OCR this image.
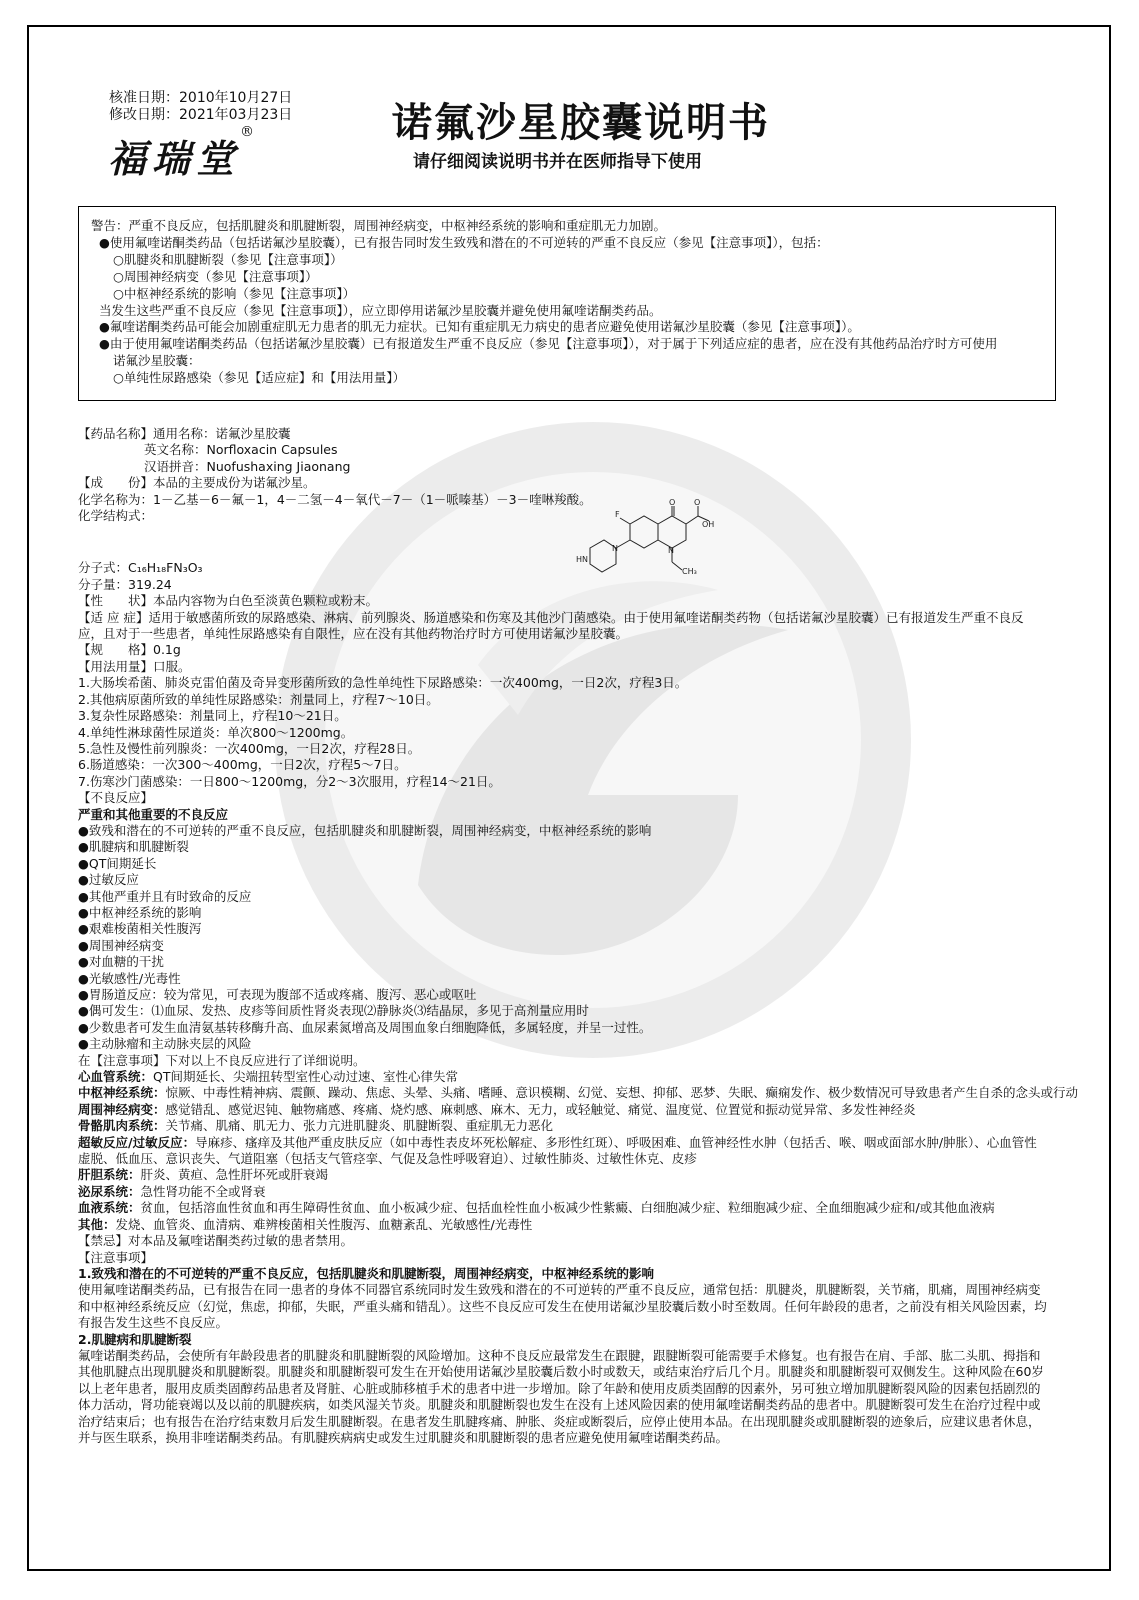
核准日期：2010年10月27日
修改日期：2021年03月23日
福瑞堂®	诺氟沙星胶囊说明书
请仔细阅读说明书并在医师指导下使用
警告：严重不良反应，包括肌腱炎和肌腱断裂，周围神经病变，中枢神经系统的影响和重症肌无力加剧。
●使用氟喹诺酮类药品（包括诺氟沙星胶囊），已有报告同时发生致残和潜在的不可逆转的严重不良反应（参见【注意事项】），包括：
○肌腱炎和肌腱断裂（参见【注意事项】）
○周围神经病变（参见【注意事项】）
○中枢神经系统的影响（参见【注意事项】）
当发生这些严重不良反应（参见【注意事项】），应立即停用诺氟沙星胶囊并避免使用氟喹诺酮类药品。
●氟喹诺酮类药品可能会加剧重症肌无力患者的肌无力症状。已知有重症肌无力病史的患者应避免使用诺氟沙星胶囊（参见【注意事项】）。
●由于使用氟喹诺酮类药品（包括诺氟沙星胶囊）已有报道发生严重不良反应（参见【注意事项】），对于属于下列适应症的患者，应在没有其他药品治疗时方可使用
诺氟沙星胶囊：
○单纯性尿路感染（参见【适应症】和【用法用量】）
F
O O
OH
N
CH₃
N
HN
【药品名称】通用名称：诺氟沙星胶囊
英文名称：Norfloxacin Capsules
汉语拼音：Nuofushaxing Jiaonang
【成　　份】本品的主要成份为诺氟沙星。
化学名称为：1－乙基－6－氟－1，4－二氢－4－氧代－7－（1－哌嗪基）－3－喹啉羧酸。
化学结构式：
分子式：C₁₆H₁₈FN₃O₃
分子量：319.24
【性　　状】本品内容物为白色至淡黄色颗粒或粉末。
【适 应 症】适用于敏感菌所致的尿路感染、淋病、前列腺炎、肠道感染和伤寒及其他沙门菌感染。由于使用氟喹诺酮类药物（包括诺氟沙星胶囊）已有报道发生严重不良反应，且对于一些患者，单纯性尿路感染有自限性，应在没有其他药物治疗时方可使用诺氟沙星胶囊。
【规　　格】0.1g
【用法用量】口服。
1.大肠埃希菌、肺炎克雷伯菌及奇异变形菌所致的急性单纯性下尿路感染：一次400mg，一日2次，疗程3日。
2.其他病原菌所致的单纯性尿路感染：剂量同上，疗程7～10日。
3.复杂性尿路感染：剂量同上，疗程10～21日。
4.单纯性淋球菌性尿道炎：单次800～1200mg。
5.急性及慢性前列腺炎：一次400mg，一日2次，疗程28日。
6.肠道感染：一次300～400mg，一日2次，疗程5～7日。
7.伤寒沙门菌感染：一日800～1200mg，分2～3次服用，疗程14～21日。
【不良反应】
严重和其他重要的不良反应
●致残和潜在的不可逆转的严重不良反应，包括肌腱炎和肌腱断裂，周围神经病变，中枢神经系统的影响
●肌腱病和肌腱断裂
●QT间期延长
●过敏反应
●其他严重并且有时致命的反应
●中枢神经系统的影响
●艰难梭菌相关性腹泻
●周围神经病变
●对血糖的干扰
●光敏感性/光毒性
●胃肠道反应：较为常见，可表现为腹部不适或疼痛、腹泻、恶心或呕吐
●偶可发生：⑴血尿、发热、皮疹等间质性肾炎表现⑵静脉炎⑶结晶尿，多见于高剂量应用时
●少数患者可发生血清氨基转移酶升高、血尿素氮增高及周围血象白细胞降低，多属轻度，并呈一过性。
●主动脉瘤和主动脉夹层的风险
在【注意事项】下对以上不良反应进行了详细说明。
心血管系统：QT间期延长、尖端扭转型室性心动过速、室性心律失常
中枢神经系统：惊厥、中毒性精神病、震颤、躁动、焦虑、头晕、头痛、嗜睡、意识模糊、幻觉、妄想、抑郁、恶梦、失眠、癫痫发作、极少数情况可导致患者产生自杀的念头或行动
周围神经病变：感觉错乱、感觉迟钝、触物痛感、疼痛、烧灼感、麻刺感、麻木、无力，或轻触觉、痛觉、温度觉、位置觉和振动觉异常、多发性神经炎
骨骼肌肉系统：关节痛、肌痛、肌无力、张力亢进肌腱炎、肌腱断裂、重症肌无力恶化
超敏反应/过敏反应：导麻疹、瘙痒及其他严重皮肤反应（如中毒性表皮坏死松解症、多形性红斑）、呼吸困难、血管神经性水肿（包括舌、喉、咽或面部水肿/肿胀）、心血管性虚脱、低血压、意识丧失、气道阻塞（包括支气管痉挛、气促及急性呼吸窘迫）、过敏性肺炎、过敏性休克、皮疹
肝胆系统：肝炎、黄疸、急性肝坏死或肝衰竭
泌尿系统：急性肾功能不全或肾衰
血液系统：贫血，包括溶血性贫血和再生障碍性贫血、血小板减少症、包括血栓性血小板减少性紫癜、白细胞减少症、粒细胞减少症、全血细胞减少症和/或其他血液病
其他：发烧、血管炎、血清病、难辨梭菌相关性腹泻、血糖紊乱、光敏感性/光毒性
【禁忌】对本品及氟喹诺酮类药过敏的患者禁用。
【注意事项】
1.致残和潜在的不可逆转的严重不良反应，包括肌腱炎和肌腱断裂，周围神经病变，中枢神经系统的影响
使用氟喹诺酮类药品，已有报告在同一患者的身体不同器官系统同时发生致残和潜在的不可逆转的严重不良反应，通常包括：肌腱炎，肌腱断裂，关节痛，肌痛，周围神经病变和中枢神经系统反应（幻觉，焦虑，抑郁，失眠，严重头痛和错乱）。这些不良反应可发生在使用诺氟沙星胶囊后数小时至数周。任何年龄段的患者，之前没有相关风险因素，均有报告发生这些不良反应。
2.肌腱病和肌腱断裂
氟喹诺酮类药品，会使所有年龄段患者的肌腱炎和肌腱断裂的风险增加。这种不良反应最常发生在跟腱，跟腱断裂可能需要手术修复。也有报告在肩、手部、肱二头肌、拇指和其他肌腱点出现肌腱炎和肌腱断裂。肌腱炎和肌腱断裂可发生在开始使用诺氟沙星胶囊后数小时或数天，或结束治疗后几个月。肌腱炎和肌腱断裂可双侧发生。这种风险在60岁以上老年患者，服用皮质类固醇药品患者及肾脏、心脏或肺移植手术的患者中进一步增加。除了年龄和使用皮质类固醇的因素外，另可独立增加肌腱断裂风险的因素包括剧烈的体力活动，肾功能衰竭以及以前的肌腱疾病，如类风湿关节炎。肌腱炎和肌腱断裂也发生在没有上述风险因素的使用氟喹诺酮类药品的患者中。肌腱断裂可发生在治疗过程中或治疗结束后；也有报告在治疗结束数月后发生肌腱断裂。在患者发生肌腱疼痛、肿胀、炎症或断裂后，应停止使用本品。在出现肌腱炎或肌腱断裂的迹象后，应建议患者休息，并与医生联系，换用非喹诺酮类药品。有肌腱疾病病史或发生过肌腱炎和肌腱断裂的患者应避免使用氟喹诺酮类药品。
